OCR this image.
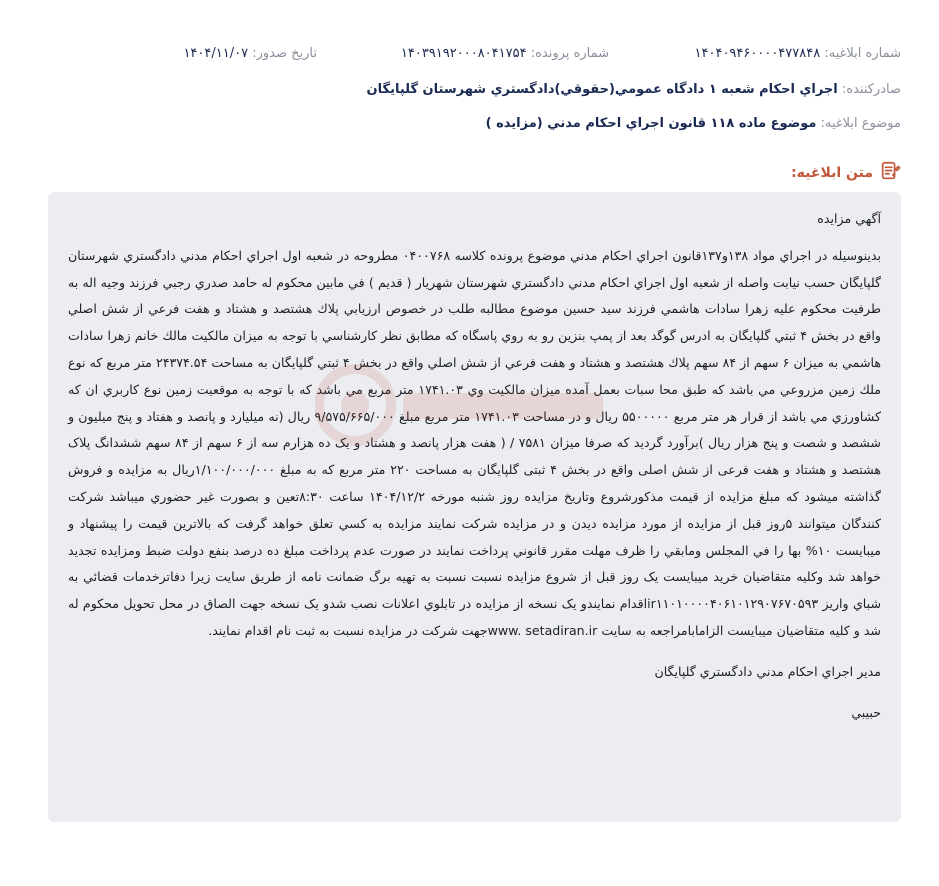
شماره ابلاغيه: ۱۴۰۴۰۹۴۶۰۰۰۰۴۷۷۸۴۸
شماره پرونده: ۱۴۰۳۹۱۹۲۰۰۰۸۰۴۱۷۵۴
تاريخ صدور: ۱۴۰۴/۱۱/۰۷
صادركننده: اجراي احكام شعبه ۱ دادگاه عمومي(حقوقي)دادگستري شهرستان گلپايگان
موضوع ابلاغيه: موضوع ماده ۱۱۸ قانون اجراي احكام مدني (مزايده )
متن ابلاغيه:

آگهي مزايده

بدينوسيله در اجراي مواد ۱۳۸و۱۳۷قانون اجراي احكام مدني موضوع پرونده كلاسه ۰۴۰۰۷۶۸ مطروحه در شعبه اول اجراي احكام مدني دادگستري شهرستان گلپايگان حسب نيابت واصله از شعبه اول اجراي احكام مدني دادگستري شهرستان شهريار ( قديم ) في مابين محكوم له حامد صدري رجبي فرزند وجيه اله به طرفيت محكوم عليه زهرا سادات هاشمي فرزند سيد حسين موضوع مطالبه طلب در خصوص ارزيابي پلاك هشتصد و هشتاد و هفت فرعي از شش اصلي واقع در بخش ۴ ثبتي گلپايگان به ادرس گوگد بعد از پمپ بنزين رو به روي پاسگاه كه مطابق نظر كارشناسي با توجه به ميزان مالكيت مالك خانم زهرا سادات هاشمي به ميزان ۶ سهم از ۸۴ سهم پلاك هشتصد و هشتاد و هفت فرعي از شش اصلي واقع در بخش ۴ ثبتي گلپايگان به مساحت ۲۴۳۷۴.۵۴ متر مربع كه نوع ملك زمين مزروعي مي باشد كه طبق محا سبات بعمل آمده ميزان مالكيت وي ۱۷۴۱.۰۳ متر مربع مي باشد كه با توجه به موقعيت زمين نوع كاربري ان كه كشاورزي مي باشد از قرار هر متر مربع ۵۵۰۰۰۰۰ ريال و در مساحت ۱۷۴۱.۰۳ متر مربع مبلغ ۹/۵۷۵/۶۶۵/۰۰۰ ريال (نه ميليارد و پانصد و هفتاد و پنج ميليون و ششصد و شصت و پنج هزار ريال )برآورد گرديد كه صرفا ميزان ۷۵۸۱ / ( هفت هزار پانصد و هشتاد و يک ده هزارم سه از ۶ سهم از ۸۴ سهم ششدانگ پلاک هشتصد و هشتاد و هفت فرعی از شش اصلی واقع در بخش ۴ ثبتی گلپایگان به مساحت ۲۲۰ متر مربع كه به مبلغ ۱/۱۰۰/۰۰۰/۰۰۰ریال به مزايده و فروش گذاشته ميشود كه مبلغ مزايده از قيمت مذكورشروع وتاريخ مزايده روز شنبه مورخه ۱۴۰۴/۱۲/۲ ساعت ۸:۳۰تعين و بصورت غير حضوري ميباشد شركت كنندگان ميتوانند ۵روز قبل از مزايده از مورد مزايده ديدن و در مزايده شركت نمايند مزايده به كسي تعلق خواهد گرفت كه بالاترين قيمت را پيشنهاد و ميبايست ۱۰% بها را في المجلس ومابقي را ظرف مهلت مقرر قانوني پرداخت نمايند در صورت عدم پرداخت مبلغ ده درصد بنفع دولت ضبط ومزايده تجديد خواهد شد وكليه متقاضيان خريد ميبايست يک روز قبل از شروع مزايده نسبت نسبت به تهيه برگ ضمانت نامه از طريق سايت زيرا دفاترخدمات قضائي به شباي واريز ir۱۱۰۱۰۰۰۰۴۰۶۱۰۱۲۹۰۷۶۷۰۵۹۳اقدام نمايندو يک نسخه از مزايده در تابلوي اعلانات نصب شدو يک نسخه جهت الصاق در محل تحويل محكوم له شد و كليه متقاضيان ميبايست الزامابامراجعه به سايت www. setadiran.irجهت شركت در مزايده نسبت به ثبت نام اقدام نمايند.

مدير اجراي احكام مدني دادگستري گلپايگان

حبيبي
